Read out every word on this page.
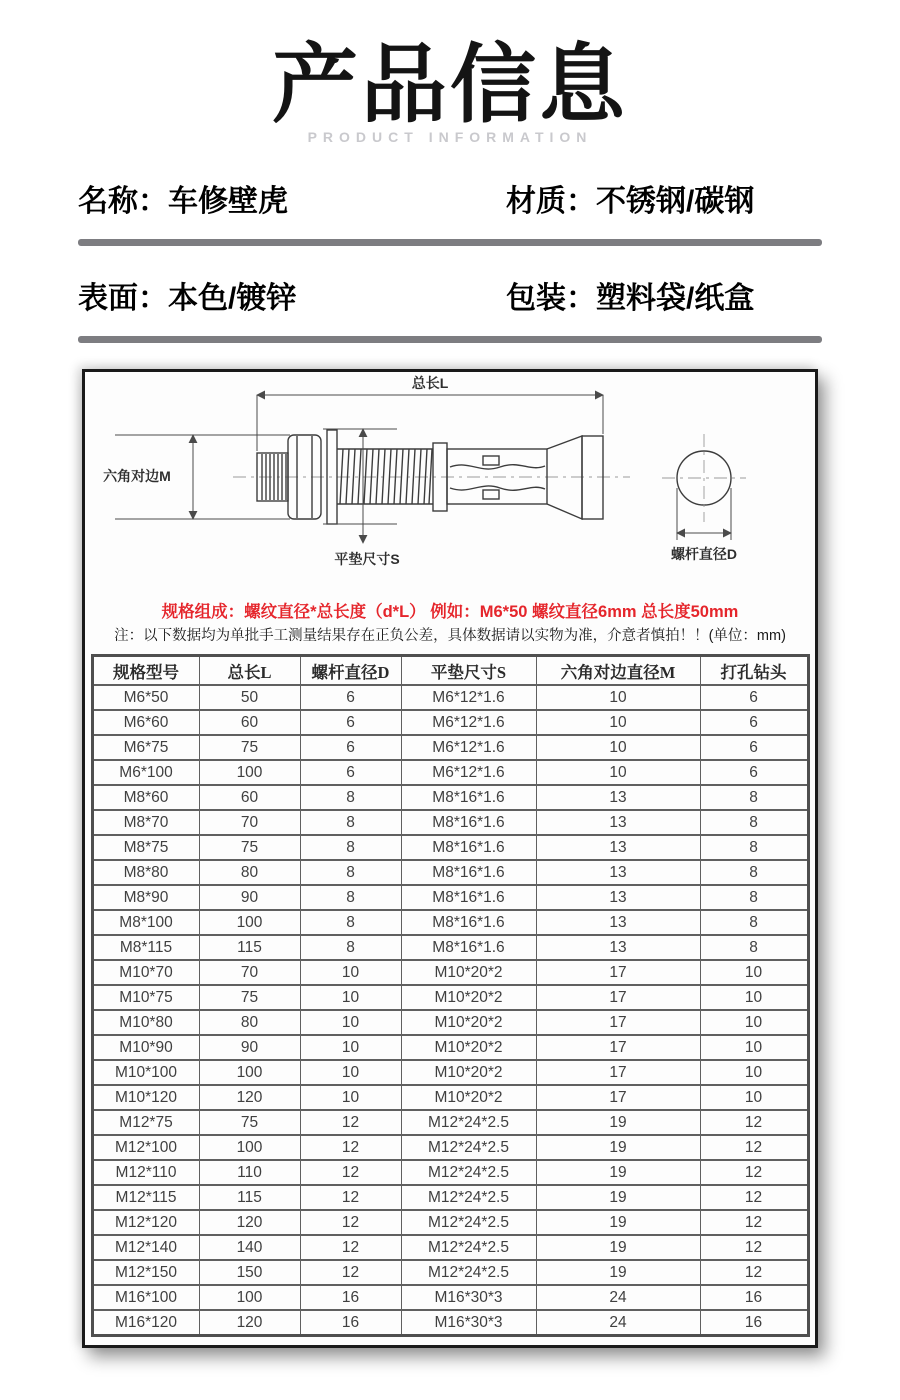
产品信息
PRODUCT INFORMATION
名称：车修壁虎	材质：不锈钢/碳钢
表面：本色/镀锌	包装：塑料袋/纸盒
总长L
六角对边M
平垫尺寸S	螺杆直径D
规格组成：螺纹直径*总长度（d*L） 例如：M6*50 螺纹直径6mm 总长度50mm
注：以下数据均为单批手工测量结果存在正负公差，具体数据请以实物为准，介意者慎拍！！(单位：mm)
规格型号	总长L	螺杆直径D	平垫尺寸S	六角对边直径M	打孔钻头
M6*50	50	6	M6*12*1.6	10	6
M6*60	60	6	M6*12*1.6	10	6
M6*75	75	6	M6*12*1.6	10	6
M6*100	100	6	M6*12*1.6	10	6
M8*60	60	8	M8*16*1.6	13	8
M8*70	70	8	M8*16*1.6	13	8
M8*75	75	8	M8*16*1.6	13	8
M8*80	80	8	M8*16*1.6	13	8
M8*90	90	8	M8*16*1.6	13	8
M8*100	100	8	M8*16*1.6	13	8
M8*115	115	8	M8*16*1.6	13	8
M10*70	70	10	M10*20*2	17	10
M10*75	75	10	M10*20*2	17	10
M10*80	80	10	M10*20*2	17	10
M10*90	90	10	M10*20*2	17	10
M10*100	100	10	M10*20*2	17	10
M10*120	120	10	M10*20*2	17	10
M12*75	75	12	M12*24*2.5	19	12
M12*100	100	12	M12*24*2.5	19	12
M12*110	110	12	M12*24*2.5	19	12
M12*115	115	12	M12*24*2.5	19	12
M12*120	120	12	M12*24*2.5	19	12
M12*140	140	12	M12*24*2.5	19	12
M12*150	150	12	M12*24*2.5	19	12
M16*100	100	16	M16*30*3	24	16
M16*120	120	16	M16*30*3	24	16
